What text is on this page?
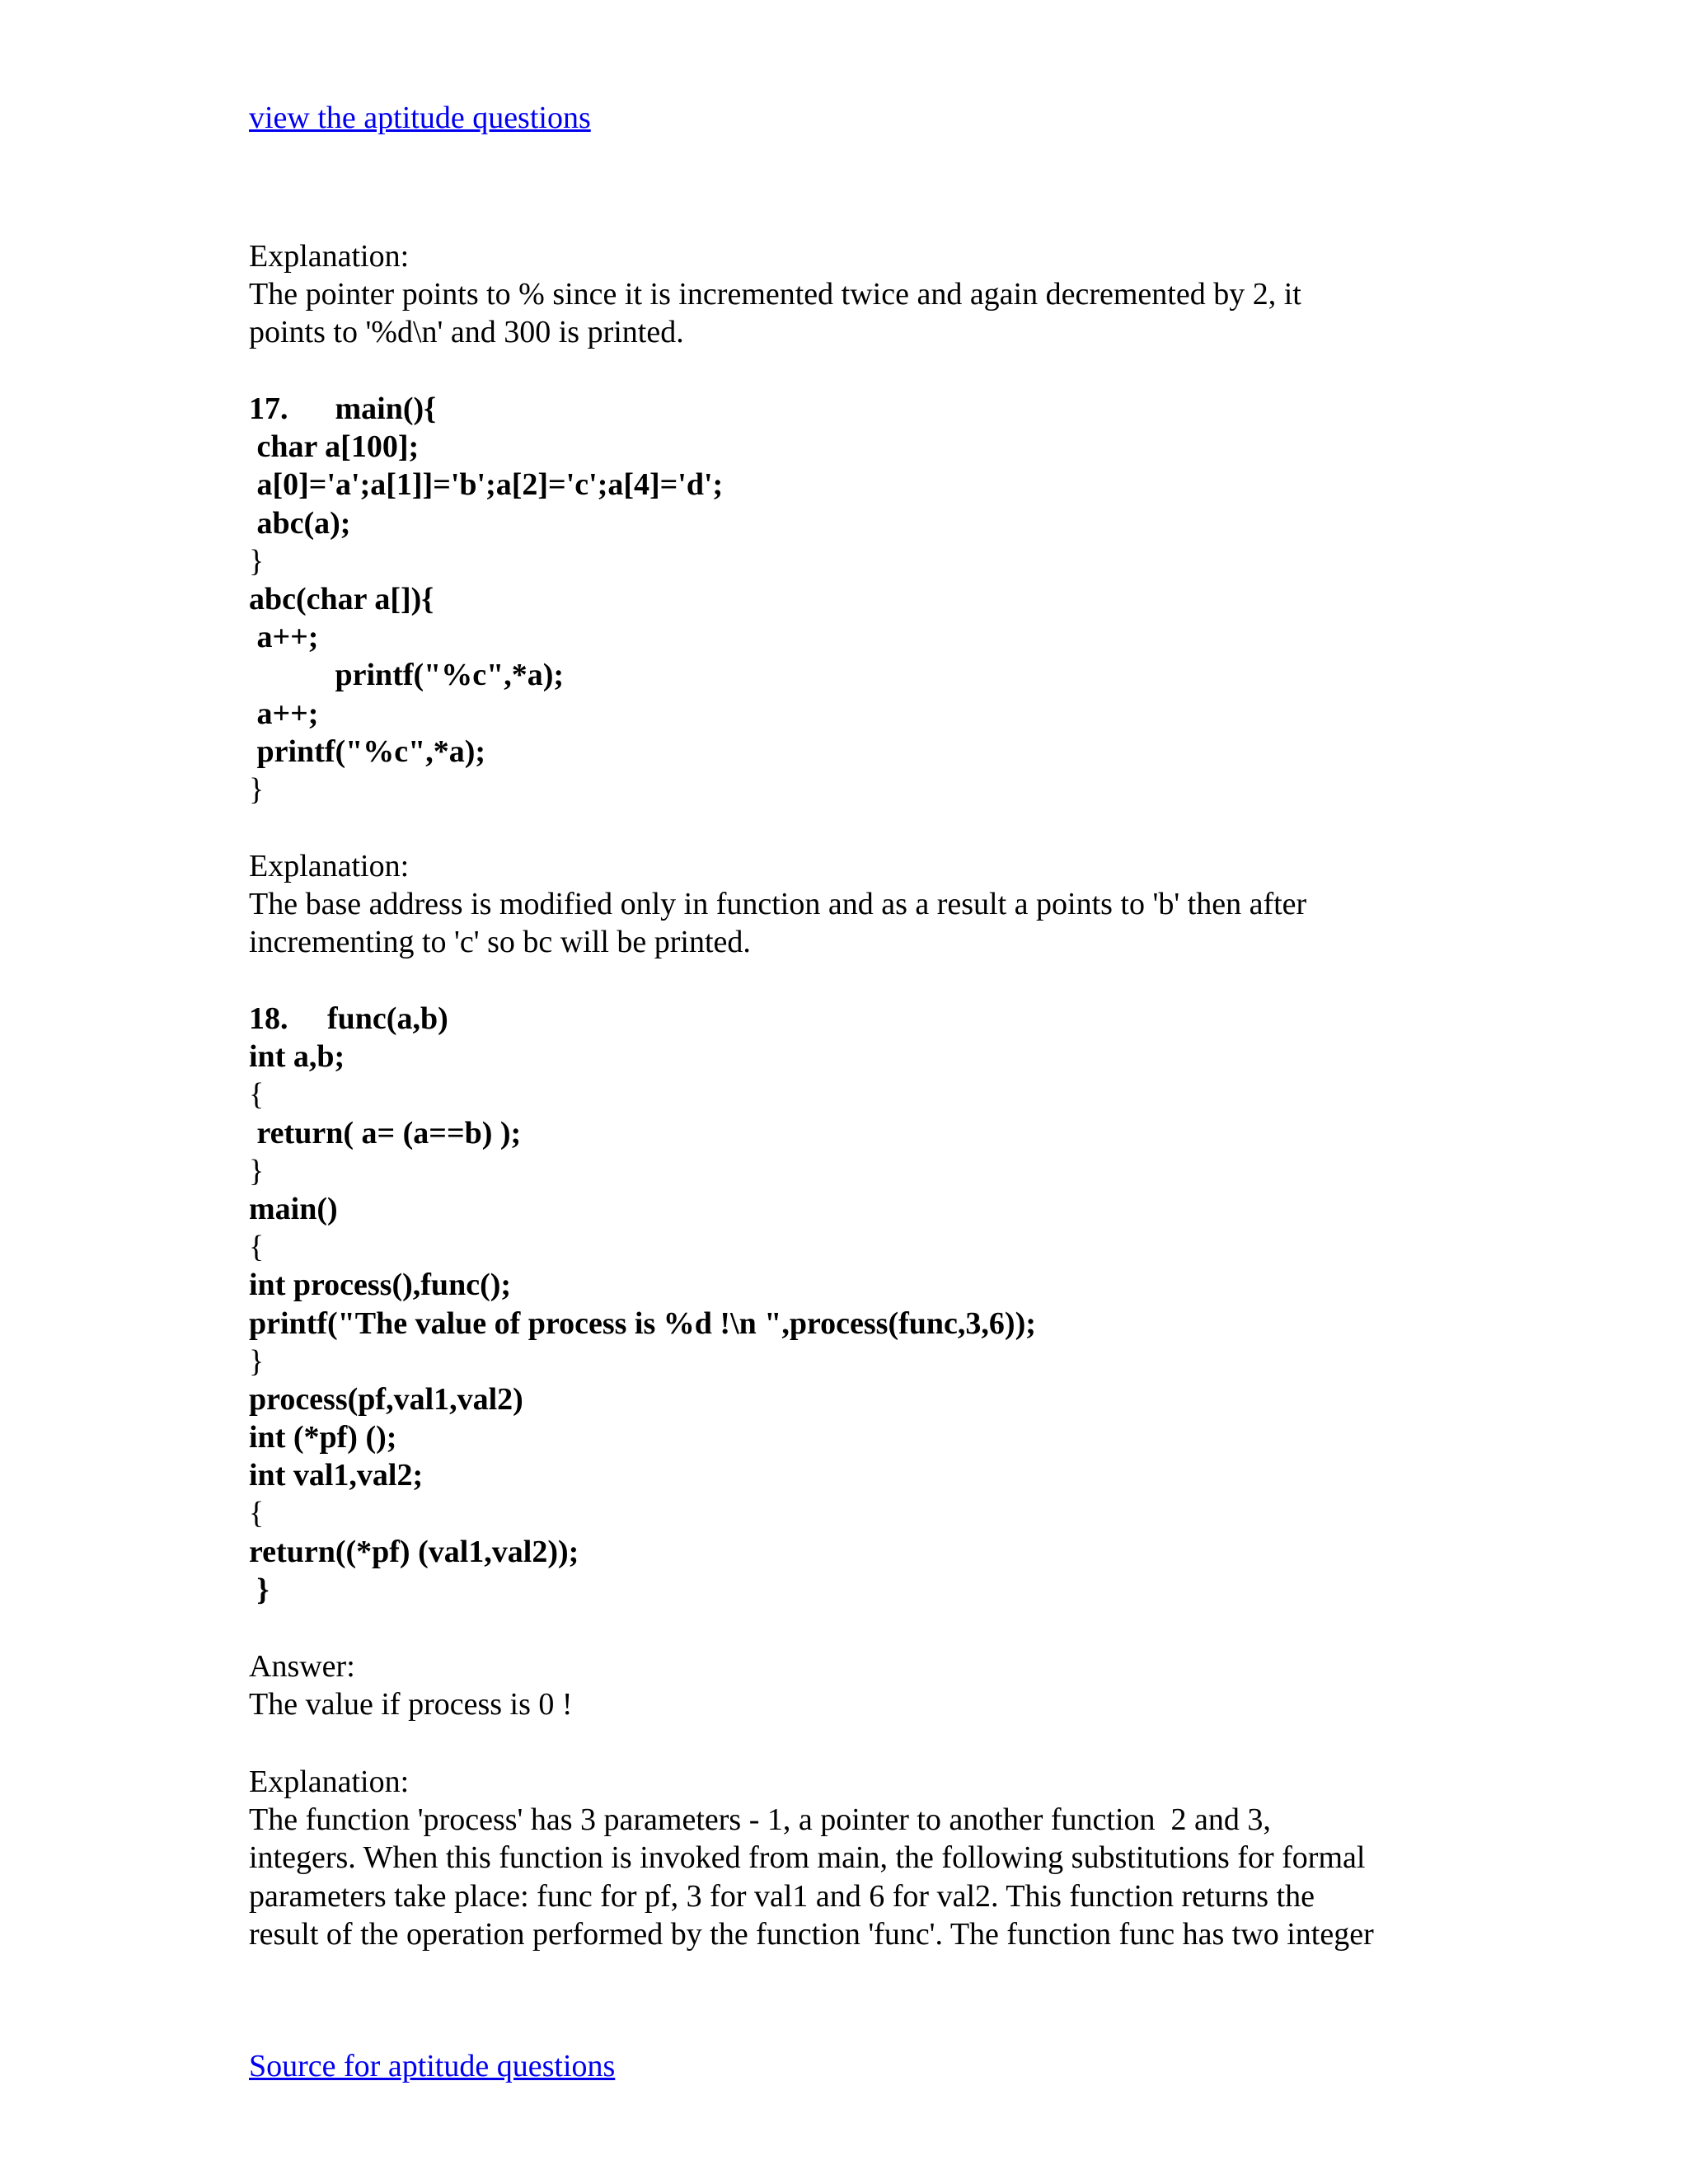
view the aptitude questions
Explanation:
The pointer points to % since it is incremented twice and again decremented by 2, it
points to '%d\n' and 300 is printed.
17.      main(){
char a[100];
a[0]='a';a[1]]='b';a[2]='c';a[4]='d';
abc(a);
}
abc(char a[]){
a++;
printf("%c",*a);
a++;
printf("%c",*a);
}
Explanation:
The base address is modified only in function and as a result a points to 'b' then after
incrementing to 'c' so bc will be printed.
18.     func(a,b)
int a,b;
{
return( a= (a==b) );
}
main()
{
int process(),func();
printf("The value of process is %d !\n ",process(func,3,6));
}
process(pf,val1,val2)
int (*pf) ();
int val1,val2;
{
return((*pf) (val1,val2));
}
Answer:
The value if process is 0 !
Explanation:
The function 'process' has 3 parameters - 1, a pointer to another function  2 and 3,
integers. When this function is invoked from main, the following substitutions for formal
parameters take place: func for pf, 3 for val1 and 6 for val2. This function returns the
result of the operation performed by the function 'func'. The function func has two integer
Source for aptitude questions
